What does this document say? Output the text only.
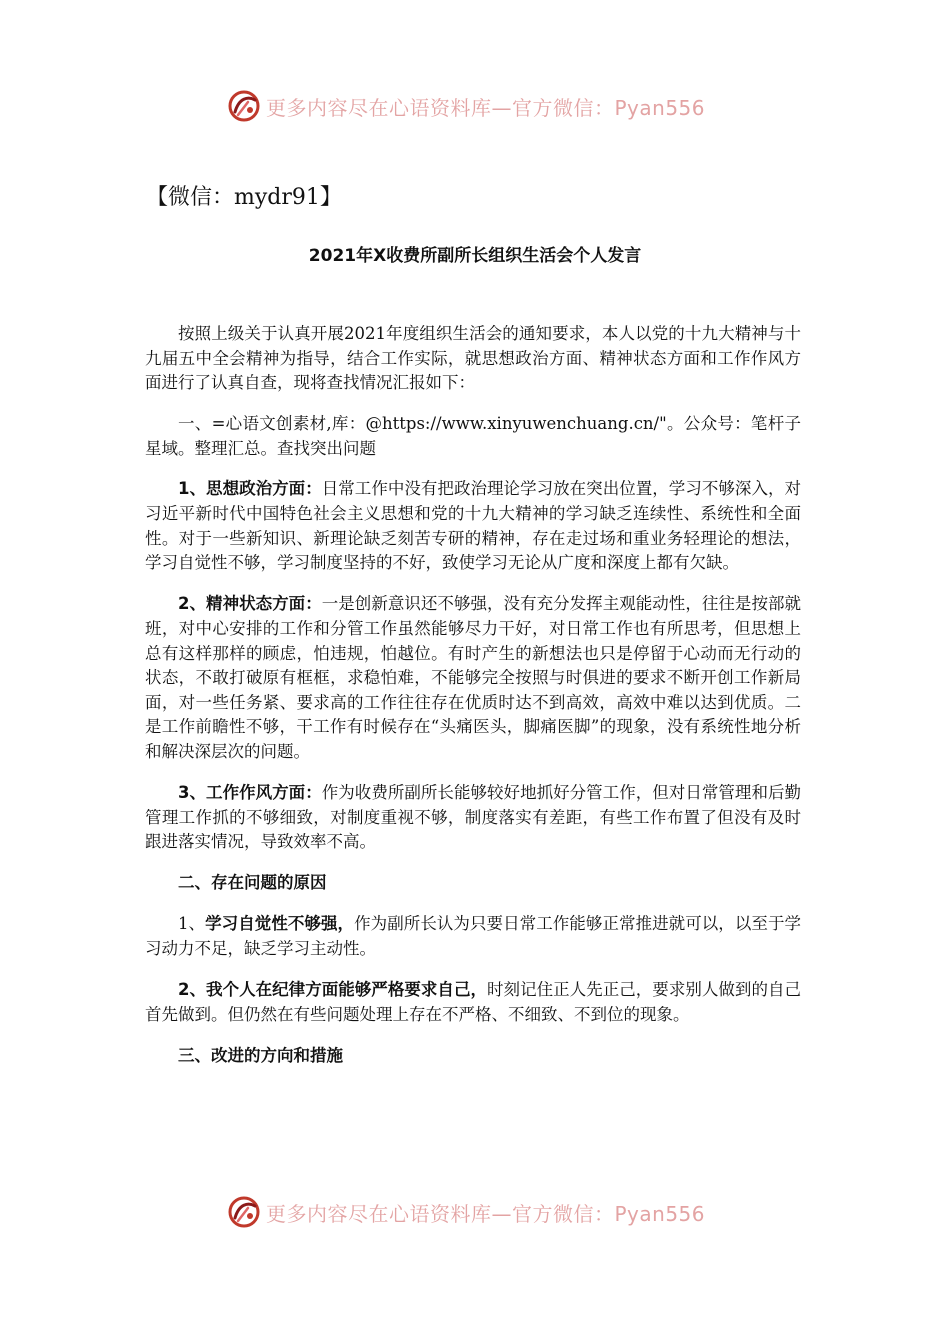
更多内容尽在心语资料库—官方微信：Pyan556
【微信：mydr91】
2021年X收费所副所长组织生活会个人发言

按照上级关于认真开展2021年度组织生活会的通知要求，本人以党的十九大精神与十九届五中全会精神为指导，结合工作实际，就思想政治方面、精神状态方面和工作作风方面进行了认真自查，现将查找情况汇报如下：

一、=心语文创素材,库：@https://www.xinyuwenchuang.cn/"。公众号：笔杆子星域。整理汇总。查找突出问题

1、思想政治方面：日常工作中没有把政治理论学习放在突出位置，学习不够深入，对习近平新时代中国特色社会主义思想和党的十九大精神的学习缺乏连续性、系统性和全面性。对于一些新知识、新理论缺乏刻苦专研的精神，存在走过场和重业务轻理论的想法，学习自觉性不够，学习制度坚持的不好，致使学习无论从广度和深度上都有欠缺。

2、精神状态方面：一是创新意识还不够强，没有充分发挥主观能动性，往往是按部就班，对中心安排的工作和分管工作虽然能够尽力干好，对日常工作也有所思考，但思想上总有这样那样的顾虑，怕违规，怕越位。有时产生的新想法也只是停留于心动而无行动的状态，不敢打破原有框框，求稳怕难，不能够完全按照与时俱进的要求不断开创工作新局面，对一些任务紧、要求高的工作往往存在优质时达不到高效，高效中难以达到优质。二是工作前瞻性不够，干工作有时候存在“头痛医头，脚痛医脚”的现象，没有系统性地分析和解决深层次的问题。

3、工作作风方面：作为收费所副所长能够较好地抓好分管工作，但对日常管理和后勤管理工作抓的不够细致，对制度重视不够，制度落实有差距，有些工作布置了但没有及时跟进落实情况，导致效率不高。

二、存在问题的原因

1、学习自觉性不够强，作为副所长认为只要日常工作能够正常推进就可以，以至于学习动力不足，缺乏学习主动性。

2、我个人在纪律方面能够严格要求自己，时刻记住正人先正己，要求别人做到的自己首先做到。但仍然在有些问题处理上存在不严格、不细致、不到位的现象。

三、改进的方向和措施

更多内容尽在心语资料库—官方微信：Pyan556
